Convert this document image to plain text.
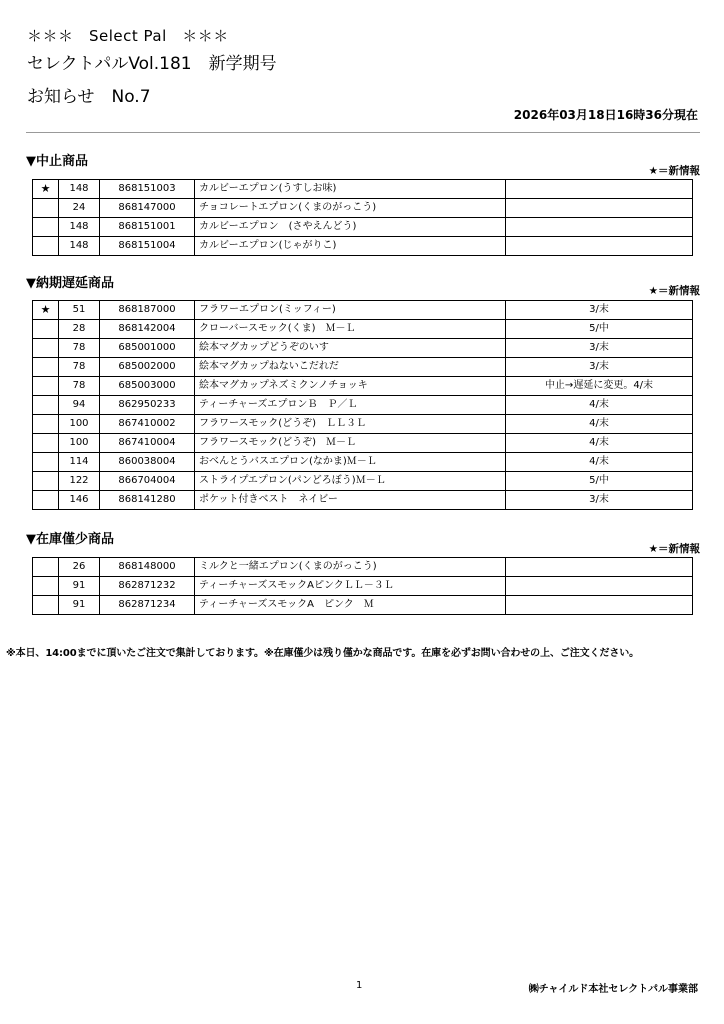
＊＊＊　Select Pal　＊＊＊
セレクトパルVol.181　新学期号
お知らせ　No.7
2026年03月18日16時36分現在
▼中止商品
★＝新情報
★	148	868151003	カルビーエプロン(うすしお味)	
	24	868147000	チョコレートエプロン(くまのがっこう)	
	148	868151001	カルビーエプロン　(さやえんどう)	
	148	868151004	カルビーエプロン(じゃがりこ)	
▼納期遅延商品	★＝新情報
★	51	868187000	フラワーエプロン(ミッフィー)	3/末
	28	868142004	クローバースモック(くま)　Ｍ－Ｌ	5/中
	78	685001000	絵本マグカップどうぞのいす	3/末
	78	685002000	絵本マグカップねないこだれだ	3/末
	78	685003000	絵本マグカップネズミクンノチョッキ	中止→遅延に変更。4/末
	94	862950233	ティーチャーズエプロンＢ　Ｐ／Ｌ	4/末
	100	867410002	フラワースモック(どうぞ)　ＬＬ３Ｌ	4/末
	100	867410004	フラワースモック(どうぞ)　Ｍ－Ｌ	4/末
	114	860038004	おべんとうバスエプロン(なかま)Ｍ－Ｌ	4/末
	122	866704004	ストライプエプロン(パンどろぼう)Ｍ－Ｌ	5/中
	146	868141280	ポケット付きベスト　ネイビー	3/末
▼在庫僅少商品
★＝新情報
	26	868148000	ミルクと一緒エプロン(くまのがっこう)	
	91	862871232	ティーチャーズスモックAピンクＬＬ－３Ｌ	
	91	862871234	ティーチャーズスモックA　ピンク　Ｍ	
※本日、14:00までに頂いたご注文で集計しております。※在庫僅少は残り僅かな商品です。在庫を必ずお問い合わせの上、ご注文ください。
1	㈱チャイルド本社セレクトパル事業部
